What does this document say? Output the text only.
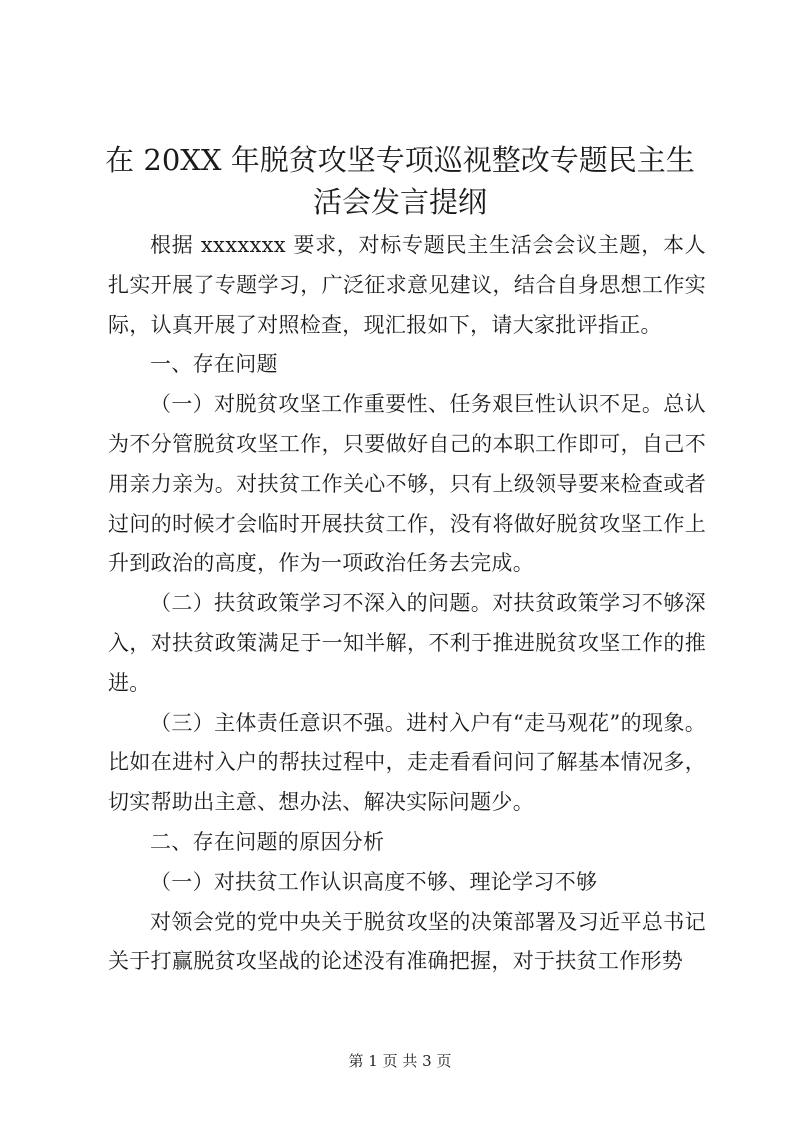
在 20XX 年脱贫攻坚专项巡视整改专题民主生
活会发言提纲

根据 xxxxxxx 要求，对标专题民主生活会会议主题，本人扎实开展了专题学习，广泛征求意见建议，结合自身思想工作实际，认真开展了对照检查，现汇报如下，请大家批评指正。

一、存在问题

（一）对脱贫攻坚工作重要性、任务艰巨性认识不足。总认为不分管脱贫攻坚工作，只要做好自己的本职工作即可，自己不用亲力亲为。对扶贫工作关心不够，只有上级领导要来检查或者过问的时候才会临时开展扶贫工作，没有将做好脱贫攻坚工作上升到政治的高度，作为一项政治任务去完成。

（二）扶贫政策学习不深入的问题。对扶贫政策学习不够深入，对扶贫政策满足于一知半解，不利于推进脱贫攻坚工作的推进。

（三）主体责任意识不强。进村入户有“走马观花”的现象。比如在进村入户的帮扶过程中，走走看看问问了解基本情况多，切实帮助出主意、想办法、解决实际问题少。

二、存在问题的原因分析

（一）对扶贫工作认识高度不够、理论学习不够

对领会党的党中央关于脱贫攻坚的决策部署及习近平总书记关于打赢脱贫攻坚战的论述没有准确把握，对于扶贫工作形势

第 1 页 共 3 页
